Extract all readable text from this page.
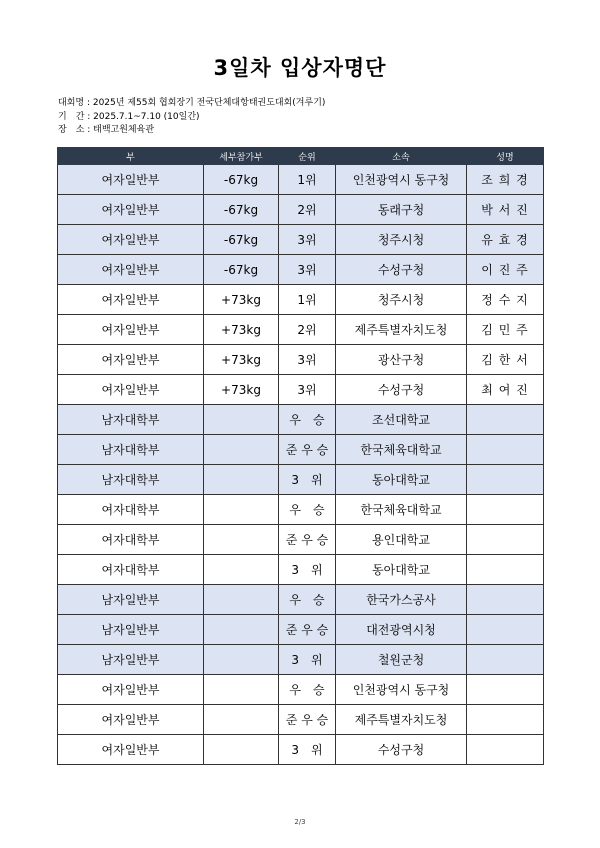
3일차 입상자명단
대회명 : 2025년 제55회 협회장기 전국단체대항태권도대회(겨루기)
기　간 : 2025.7.1~7.10 (10일간)
장　소 : 태백고원체육관
부	세부참가부	순위	소속	성명
여자일반부	-67kg	1위	인천광역시 동구청	조 희 경
여자일반부	-67kg	2위	동래구청	박 서 진
여자일반부	-67kg	3위	청주시청	유 효 경
여자일반부	-67kg	3위	수성구청	이 진 주
여자일반부	+73kg	1위	청주시청	정 수 지
여자일반부	+73kg	2위	제주특별자치도청	김 민 주
여자일반부	+73kg	3위	광산구청	김 한 서
여자일반부	+73kg	3위	수성구청	최 여 진
남자대학부		우　승	조선대학교	
남자대학부		준 우 승	한국체육대학교	
남자대학부		3　위	동아대학교	
여자대학부		우　승	한국체육대학교	
여자대학부		준 우 승	용인대학교	
여자대학부		3　위	동아대학교	
남자일반부		우　승	한국가스공사	
남자일반부		준 우 승	대전광역시청	
남자일반부		3　위	철원군청	
여자일반부		우　승	인천광역시 동구청	
여자일반부		준 우 승	제주특별자치도청	
여자일반부		3　위	수성구청	
2/3
